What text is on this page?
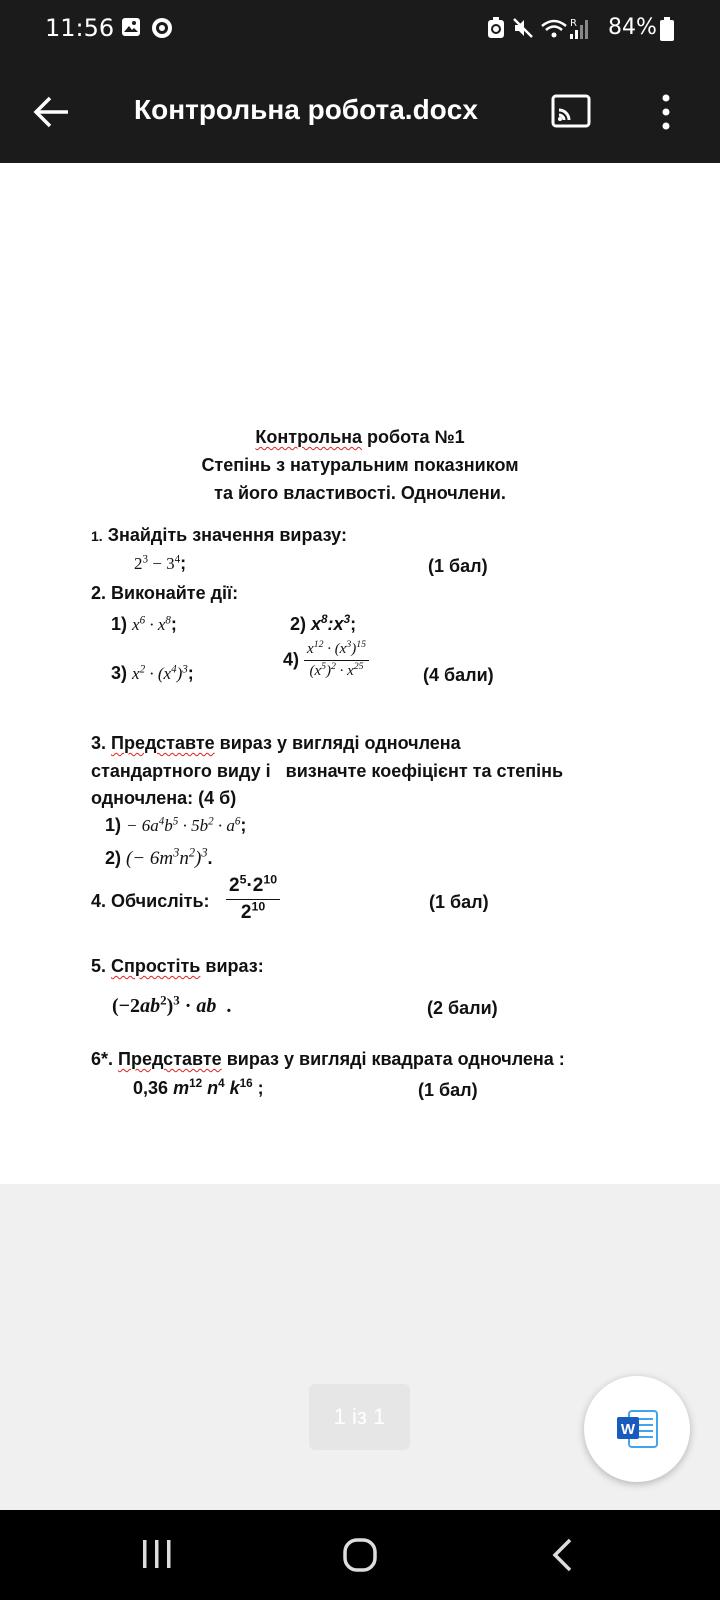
11:56	R 84%
Контрольна робота.docx
Контрольна робота №1
Степінь з натуральним показником
та його властивості. Одночлени.
1. Знайдіть значення виразу:
$2^3 - 3^4$;	(1 бал)
2. Виконайте дії:
1) $x^6 \cdot x^8$;	2) $x^8:x^3$;
3) $x^2 \cdot (x^4)^3$;
$4) \frac{x^{12} \cdot (x^3)^{15}}{(x^5)^2 \cdot x^{25}}$	(4 бали)
3. Представте вираз у вигляді одночлена
стандартного виду і   визначте коефіцієнт та степінь
одночлена: (4 б)
$1) - 6a^4b^5 \cdot 5b^2 \cdot a^6$;
2) (− $6m^3n^2)^3$.
4. Обчисліть: $\frac{2^5\cdot 2^{10}}{2^{10}}$	(1 бал)
5. Спростіть вираз:
$(-2ab^2)^3$ · ab  .	(2 бали)
6*. Представте вираз у вигляді квадрата одночлена :
0,36 $m^{12}$ $n^4$ $k^{16}$ ;	(1 бал)
1 із 1
W
